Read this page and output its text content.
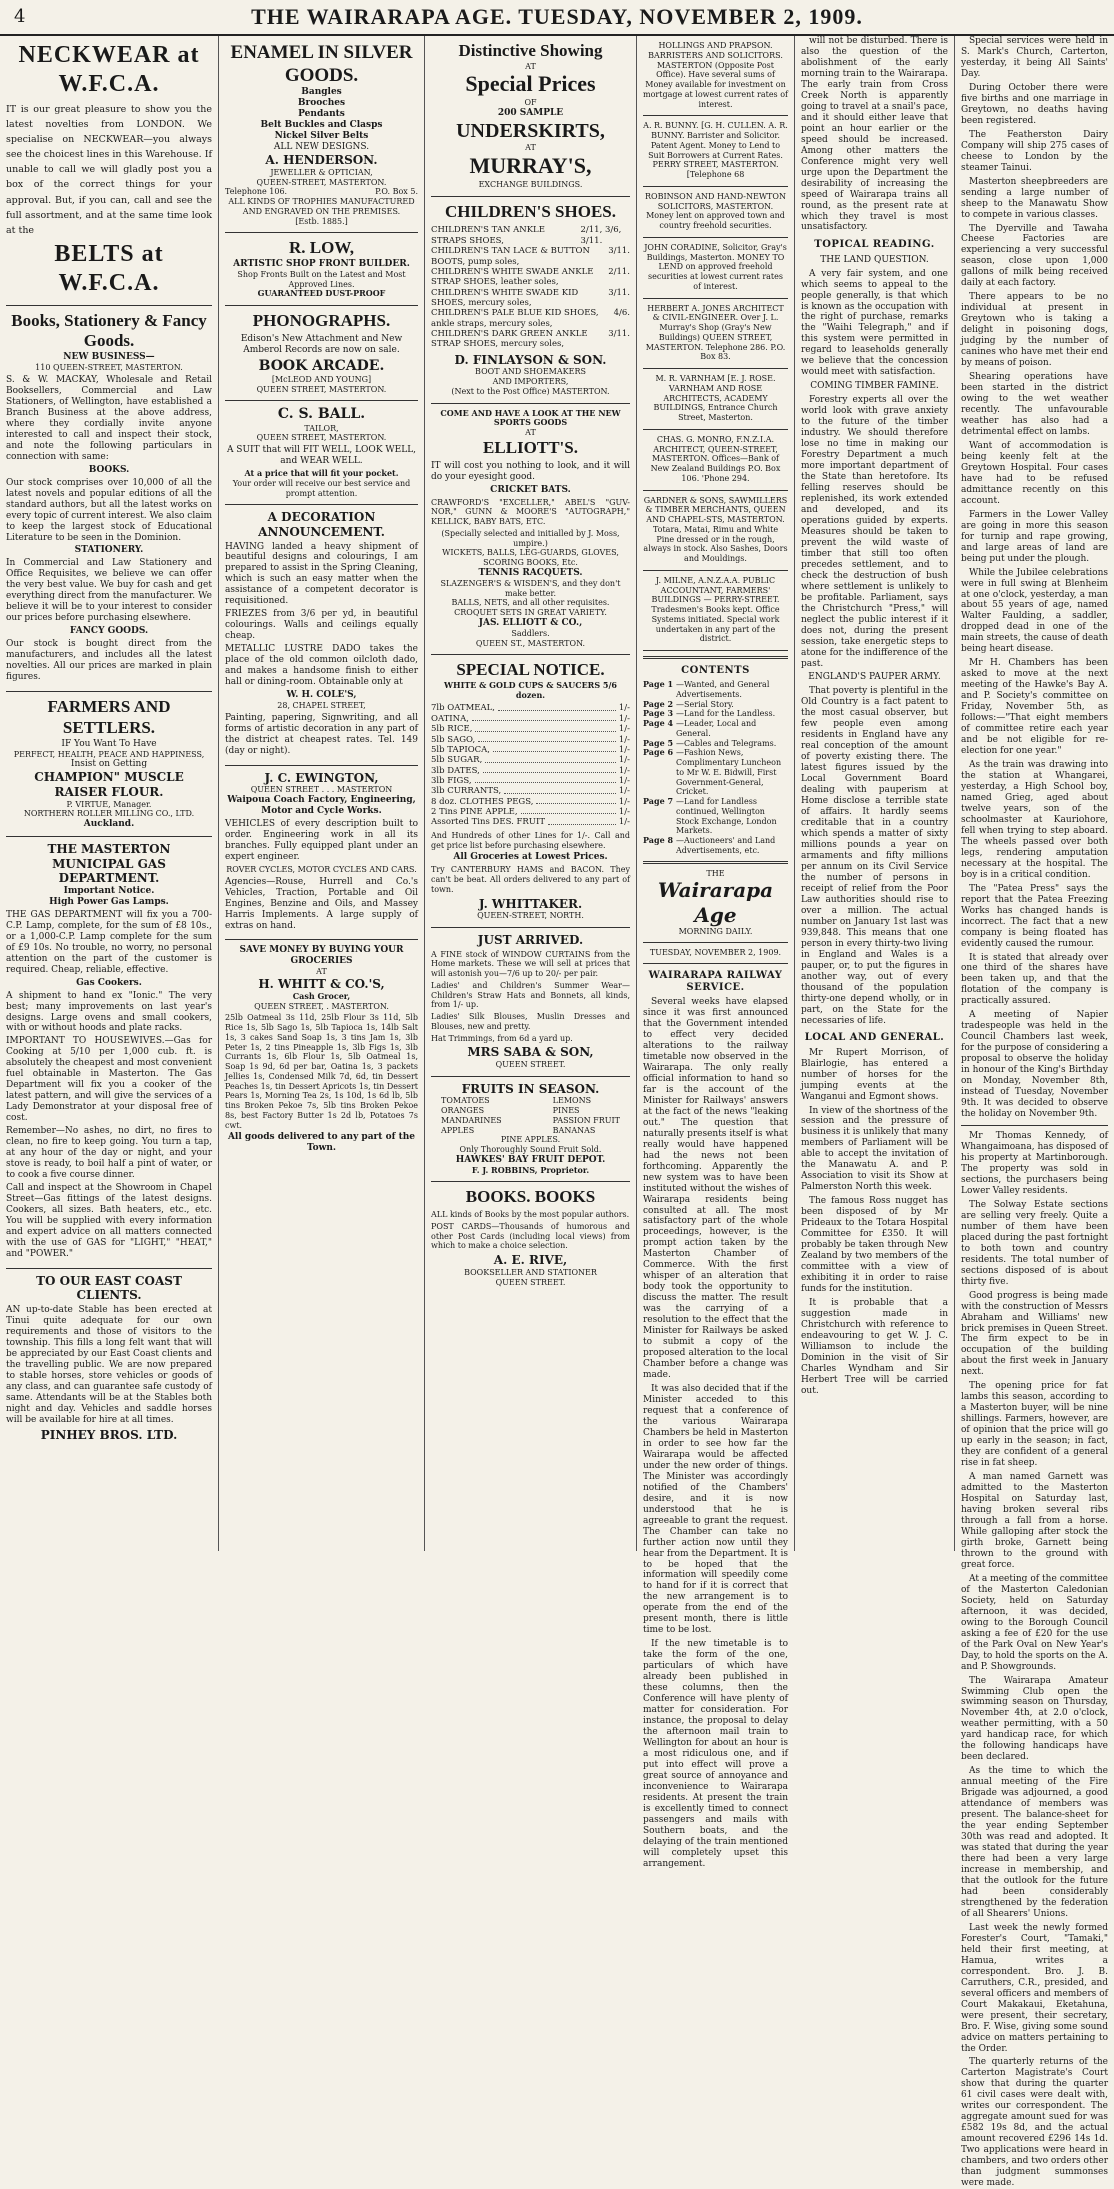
4	THE WAIRARAPA AGE. TUESDAY, NOVEMBER 2, 1909.
NECKWEAR at W.F.C.A.

IT is our great pleasure to show you the latest novelties from LONDON. We specialise on NECKWEAR—you always see the choicest lines in this Warehouse. If unable to call we will gladly post you a box of the correct things for your approval. But, if you can, call and see the full assortment, and at the same time look at the

BELTS at W.F.C.A.
Books, Stationery & Fancy Goods.
NEW BUSINESS—
110 QUEEN-STREET, MASTERTON.

S. & W. MACKAY, Wholesale and Retail Booksellers, Commercial and Law Stationers, of Wellington, have established a Branch Business at the above address, where they cordially invite anyone interested to call and inspect their stock, and note the following particulars in connection with same:

BOOKS.

Our stock comprises over 10,000 of all the latest novels and popular editions of all the standard authors, but all the latest works on every topic of current interest. We also claim to keep the largest stock of Educational Literature to be seen in the Dominion.

STATIONERY.

In Commercial and Law Stationery and Office Requisites, we believe we can offer the very best value. We buy for cash and get everything direct from the manufacturer. We believe it will be to your interest to consider our prices before purchasing elsewhere.

FANCY GOODS.

Our stock is bought direct from the manufacturers, and includes all the latest novelties. All our prices are marked in plain figures.

FARMERS AND SETTLERS.
IF You Want To Have
PERFECT, HEALTH, PEACE AND HAPPINESS,
Insist on Getting
CHAMPION" MUSCLE RAISER FLOUR.
P. VIRTUE, Manager.
NORTHERN ROLLER MILLING CO., LTD.
Auckland.
THE MASTERTON MUNICIPAL GAS DEPARTMENT.
Important Notice.
High Power Gas Lamps.

THE GAS DEPARTMENT will fix you a 700-C.P. Lamp, complete, for the sum of £8 10s., or a 1,000-C.P. Lamp complete for the sum of £9 10s. No trouble, no worry, no personal attention on the part of the customer is required. Cheap, reliable, effective.

Gas Cookers.

A shipment to hand ex "Ionic." The very best; many improvements on last year's designs. Large ovens and small cookers, with or without hoods and plate racks.

IMPORTANT TO HOUSEWIVES.—Gas for Cooking at 5/10 per 1,000 cub. ft. is absolutely the cheapest and most convenient fuel obtainable in Masterton. The Gas Department will fix you a cooker of the latest pattern, and will give the services of a Lady Demonstrator at your disposal free of cost.

Remember—No ashes, no dirt, no fires to clean, no fire to keep going. You turn a tap, at any hour of the day or night, and your stove is ready, to boil half a pint of water, or to cook a five course dinner.

Call and inspect at the Showroom in Chapel Street—Gas fittings of the latest designs. Cookers, all sizes. Bath heaters, etc., etc. You will be supplied with every information and expert advice on all matters connected with the use of GAS for "LIGHT," "HEAT," and "POWER."

TO OUR EAST COAST CLIENTS.

AN up-to-date Stable has been erected at Tinui quite adequate for our own requirements and those of visitors to the township. This fills a long felt want that will be appreciated by our East Coast clients and the travelling public. We are now prepared to stable horses, store vehicles or goods of any class, and can guarantee safe custody of same. Attendants will be at the Stables both night and day. Vehicles and saddle horses will be available for hire at all times.

PINHEY BROS. LTD.
ENAMEL IN SILVER GOODS.
Bangles
Brooches
Pendants
Belt Buckles and Clasps
Nickel Silver Belts
ALL NEW DESIGNS.
A. HENDERSON.
JEWELLER & OPTICIAN,
QUEEN-STREET, MASTERTON.
Telephone 106.	P.O. Box 5.
ALL KINDS OF TROPHIES MANUFACTURED AND ENGRAVED ON THE PREMISES.
[Estb. 1885.]
R. LOW,
ARTISTIC SHOP FRONT BUILDER.
Shop Fronts Built on the Latest and Most Approved Lines.
GUARANTEED DUST-PROOF
PHONOGRAPHS.

Edison's New Attachment and New Amberol Records are now on sale.

BOOK ARCADE.
[McLEOD AND YOUNG]
QUEEN STREET, MASTERTON.
C. S. BALL.
TAILOR,
QUEEN STREET, MASTERTON.

A SUIT that will FIT WELL, LOOK WELL, and WEAR WELL.

At a price that will fit your pocket.
Your order will receive our best service and prompt attention.
A DECORATION ANNOUNCEMENT.

HAVING landed a heavy shipment of beautiful designs and colourings, I am prepared to assist in the Spring Cleaning, which is such an easy matter when the assistance of a competent decorator is requisitioned.

FRIEZES from 3/6 per yd, in beautiful colourings. Walls and ceilings equally cheap.

METALLIC LUSTRE DADO takes the place of the old common oilcloth dado, and makes a handsome finish to either hall or dining-room. Obtainable only at

W. H. COLE'S,
28, CHAPEL STREET,

Painting, papering, Signwriting, and all forms of artistic decoration in any part of the district at cheapest rates. Tel. 149 (day or night).

J. C. EWINGTON,
QUEEN STREET . . . MASTERTON
Waipoua Coach Factory, Engineering, Motor and Cycle Works.

VEHICLES of every description built to order. Engineering work in all its branches. Fully equipped plant under an expert engineer.

ROVER CYCLES, MOTOR CYCLES AND CARS.

Agencies—Rouse, Hurrell and Co.'s Vehicles, Traction, Portable and Oil Engines, Benzine and Oils, and Massey Harris Implements. A large supply of extras on hand.

SAVE MONEY BY BUYING YOUR GROCERIES
AT
H. WHITT & CO.'S,
Cash Grocer,
QUEEN STREET, . MASTERTON.

25lb Oatmeal 3s 11d, 25lb Flour 3s 11d, 5lb Rice 1s, 5lb Sago 1s, 5lb Tapioca 1s, 14lb Salt 1s, 3 cakes Sand Soap 1s, 3 tins Jam 1s, 3lb Peter 1s, 2 tins Pineapple 1s, 3lb Figs 1s, 3lb Currants 1s, 6lb Flour 1s, 5lb Oatmeal 1s, Soap 1s 9d, 6d per bar, Oatina 1s, 3 packets Jellies 1s, Condensed Milk 7d, 6d, tin Dessert Peaches 1s, tin Dessert Apricots 1s, tin Dessert Pears 1s, Morning Tea 2s, 1s 10d, 1s 6d lb, 5lb tins Broken Pekoe 7s, 5lb tins Broken Pekoe 8s, best Factory Butter 1s 2d lb, Potatoes 7s cwt.

All goods delivered to any part of the Town.
Distinctive Showing
AT
Special Prices
OF
200 SAMPLE
UNDERSKIRTS,
AT
MURRAY'S,
EXCHANGE BUILDINGS.
CHILDREN'S SHOES.
CHILDREN'S TAN ANKLE STRAPS SHOES,
2/11, 3/6, 3/11.
CHILDREN'S TAN LACE & BUTTON BOOTS, pump soles,
3/11.
CHILDREN'S WHITE SWADE ANKLE STRAP SHOES, leather soles,
2/11.
CHILDREN'S WHITE SWADE KID SHOES, mercury soles,
3/11.
CHILDREN'S PALE BLUE KID SHOES, ankle straps, mercury soles,
4/6.
CHILDREN'S DARK GREEN ANKLE STRAP SHOES, mercury soles,
3/11.
D. FINLAYSON & SON.
BOOT AND SHOEMAKERS
AND IMPORTERS,
(Next to the Post Office) MASTERTON.
COME AND HAVE A LOOK AT THE NEW SPORTS GOODS
AT
ELLIOTT'S.

IT will cost you nothing to look, and it will do your eyesight good.

CRICKET BATS.

CRAWFORD'S "EXCELLER," ABEL'S "GUV-NOR," GUNN & MOORE'S "AUTOGRAPH," KELLICK, BABY BATS, ETC.

(Specially selected and initialled by J. Moss, umpire.)
WICKETS, BALLS, LEG-GUARDS, GLOVES, SCORING BOOKS, Etc.
TENNIS RACQUETS.
SLAZENGER'S & WISDEN'S, and they don't make better.
BALLS, NETS, and all other requisites.
CROQUET SETS IN GREAT VARIETY.
JAS. ELLIOTT & CO.,
Saddlers.
QUEEN ST., MASTERTON.
SPECIAL NOTICE.
WHITE & GOLD CUPS & SAUCERS 5/6 dozen.
7lb OATMEAL,	1/-
OATINA,	1/-
5lb RICE,	1/-
5lb SAGO,	1/-
5lb TAPIOCA,	1/-
5lb SUGAR,	1/-
3lb DATES,	1/-
3lb FIGS,	1/-
3lb CURRANTS,	1/-
8 doz. CLOTHES PEGS,	1/-
2 Tins PINE APPLE,	1/-
Assorted Tins DES. FRUIT	1/-

And Hundreds of other Lines for 1/-. Call and get price list before purchasing elsewhere.

All Groceries at Lowest Prices.

Try CANTERBURY HAMS and BACON. They can't be beat. All orders delivered to any part of town.

J. WHITTAKER.
QUEEN-STREET, NORTH.
JUST ARRIVED.

A FINE stock of WINDOW CURTAINS from the Home markets. These we will sell at prices that will astonish you—7/6 up to 20/- per pair.

Ladies' and Children's Summer Wear—Children's Straw Hats and Bonnets, all kinds, from 1/- up.

Ladies' Silk Blouses, Muslin Dresses and Blouses, new and pretty.

Hat Trimmings, from 6d a yard up.

MRS SABA & SON,
QUEEN STREET.
FRUITS IN SEASON.
TOMATOES
ORANGES
MANDARINES
APPLES
LEMONS
PINES
PASSION FRUIT
BANANAS
PINE APPLES.
Only Thoroughly Sound Fruit Sold.
HAWKES' BAY FRUIT DEPOT.
F. J. ROBBINS, Proprietor.
BOOKS. BOOKS

ALL kinds of Books by the most popular authors.

POST CARDS—Thousands of humorous and other Post Cards (including local views) from which to make a choice selection.

A. E. RIVE,
BOOKSELLER AND STATIONER
QUEEN STREET.
HOLLINGS AND PRAPSON. BARRISTERS AND SOLICITORS. MASTERTON (Opposite Post Office). Have several sums of Money available for investment on mortgage at lowest current rates of interest.
A. R. BUNNY. [G. H. CULLEN. A. R. BUNNY. Barrister and Solicitor. Patent Agent. Money to Lend to Suit Borrowers at Current Rates. PERRY STREET, MASTERTON. [Telephone 68
ROBINSON AND HAND-NEWTON SOLICITORS, MASTERTON. Money lent on approved town and country freehold securities.
JOHN CORADINE, Solicitor, Gray's Buildings, Masterton. MONEY TO LEND on approved freehold securities at lowest current rates of interest.
HERBERT A. JONES ARCHITECT & CIVIL-ENGINEER. Over J. L. Murray's Shop (Gray's New Buildings) QUEEN STREET, MASTERTON. Telephone 286. P.O. Box 83.
M. R. VARNHAM [E. J. ROSE. VARNHAM AND ROSE ARCHITECTS, ACADEMY BUILDINGS, Entrance Church Street, Masterton.
CHAS. G. MONRO, F.N.Z.I.A. ARCHITECT, QUEEN-STREET, MASTERTON. Offices—Bank of New Zealand Buildings P.O. Box 106. 'Phone 294.
GARDNER & SONS, SAWMILLERS & TIMBER MERCHANTS, QUEEN AND CHAPEL-STS, MASTERTON. Totara, Matai, Rimu and White Pine dressed or in the rough, always in stock. Also Sashes, Doors and Mouldings.
J. MILNE, A.N.Z.A.A. PUBLIC ACCOUNTANT, FARMERS' BUILDINGS — PERRY-STREET. Tradesmen's Books kept. Office Systems initiated. Special work undertaken in any part of the district.
CONTENTS
Page 1 —Wanted, and General Advertisements.
Page 2 —Serial Story.
Page 3 —Land for the Landless.
Page 4 —Leader, Local and General.
Page 5 —Cables and Telegrams.
Page 6 —Fashion News, Complimentary Luncheon to Mr W. E. Bidwill, First Government-General, Cricket.
Page 7 —Land for Landless continued, Wellington Stock Exchange, London Markets.
Page 8 —Auctioneers' and Land Advertisements, etc.
THE
Wairarapa Age
MORNING DAILY.
TUESDAY, NOVEMBER 2, 1909.
WAIRARAPA RAILWAY SERVICE.

Several weeks have elapsed since it was first announced that the Government intended to effect very decided alterations to the railway timetable now observed in the Wairarapa. The only really official information to hand so far is the account of the Minister for Railways' answers at the fact of the news "leaking out." The question that naturally presents itself is what really would have happened had the news not been forthcoming. Apparently the new system was to have been instituted without the wishes of Wairarapa residents being consulted at all. The most satisfactory part of the whole proceedings, however, is the prompt action taken by the Masterton Chamber of Commerce. With the first whisper of an alteration that body took the opportunity to discuss the matter. The result was the carrying of a resolution to the effect that the Minister for Railways be asked to submit a copy of the proposed alteration to the local Chamber before a change was made.

It was also decided that if the Minister acceded to this request that a conference of the various Wairarapa Chambers be held in Masterton in order to see how far the Wairarapa would be affected under the new order of things. The Minister was accordingly notified of the Chambers' desire, and it is now understood that he is agreeable to grant the request. The Chamber can take no further action now until they hear from the Department. It is to be hoped that the information will speedily come to hand for if it is correct that the new arrangement is to operate from the end of the present month, there is little time to be lost.

If the new timetable is to take the form of the one, particulars of which have already been published in these columns, then the Conference will have plenty of matter for consideration. For instance, the proposal to delay the afternoon mail train to Wellington for about an hour is a most ridiculous one, and if put into effect will prove a great source of annoyance and inconvenience to Wairarapa residents. At present the train is excellently timed to connect passengers and mails with Southern boats, and the delaying of the train mentioned will completely upset this arrangement.

will not be disturbed. There is also the question of the abolishment of the early morning train to the Wairarapa. The early train from Cross Creek North is apparently going to travel at a snail's pace, and it should either leave that point an hour earlier or the speed should be increased. Among other matters the Conference might very well urge upon the Department the desirability of increasing the speed of Wairarapa trains all round, as the present rate at which they travel is most unsatisfactory.

TOPICAL READING.
THE LAND QUESTION.

A very fair system, and one which seems to appeal to the people generally, is that which is known as the occupation with the right of purchase, remarks the "Waihi Telegraph," and if this system were permitted in regard to leaseholds generally we believe that the concession would meet with satisfaction.

COMING TIMBER FAMINE.

Forestry experts all over the world look with grave anxiety to the future of the timber industry. We should therefore lose no time in making our Forestry Department a much more important department of the State than heretofore. Its felling reserves should be replenished, its work extended and developed, and its operations guided by experts. Measures should be taken to prevent the wild waste of timber that still too often precedes settlement, and to check the destruction of bush where settlement is unlikely to be profitable. Parliament, says the Christchurch "Press," will neglect the public interest if it does not, during the present session, take energetic steps to atone for the indifference of the past.

ENGLAND'S PAUPER ARMY.

That poverty is plentiful in the Old Country is a fact patent to the most casual observer, but few people even among residents in England have any real conception of the amount of poverty existing there. The latest figures issued by the Local Government Board dealing with pauperism at Home disclose a terrible state of affairs. It hardly seems creditable that in a country which spends a matter of sixty millions pounds a year on armaments and fifty millions per annum on its Civil Service the number of persons in receipt of relief from the Poor Law authorities should rise to over a million. The actual number on January 1st last was 939,848. This means that one person in every thirty-two living in England and Wales is a pauper, or, to put the figures in another way, out of every thousand of the population thirty-one depend wholly, or in part, on the State for the necessaries of life.

LOCAL AND GENERAL.

Mr Rupert Morrison, of Blairlogie, has entered a number of horses for the jumping events at the Wanganui and Egmont shows.

In view of the shortness of the session and the pressure of business it is unlikely that many members of Parliament will be able to accept the invitation of the Manawatu A. and P. Association to visit its Show at Palmerston North this week.

The famous Ross nugget has been disposed of by Mr Prideaux to the Totara Hospital Committee for £350. It will probably be taken through New Zealand by two members of the committee with a view of exhibiting it in order to raise funds for the institution.

It is probable that a suggestion made in Christchurch with reference to endeavouring to get W. J. C. Williamson to include the Dominion in the visit of Sir Charles Wyndham and Sir Herbert Tree will be carried out.

Special services were held in S. Mark's Church, Carterton, yesterday, it being All Saints' Day.

During October there were five births and one marriage in Greytown, no deaths having been registered.

The Featherston Dairy Company will ship 275 cases of cheese to London by the steamer Tainui.

Masterton sheepbreeders are sending a large number of sheep to the Manawatu Show to compete in various classes.

The Dyerville and Tawaha Cheese Factories are experiencing a very successful season, close upon 1,000 gallons of milk being received daily at each factory.

There appears to be no individual at present in Greytown who is taking a delight in poisoning dogs, judging by the number of canines who have met their end by means of poison.

Shearing operations have been started in the district owing to the wet weather recently. The unfavourable weather has also had a detrimental effect on lambs.

Want of accommodation is being keenly felt at the Greytown Hospital. Four cases have had to be refused admittance recently on this account.

Farmers in the Lower Valley are going in more this season for turnip and rape growing, and large areas of land are being put under the plough.

While the Jubilee celebrations were in full swing at Blenheim at one o'clock, yesterday, a man about 55 years of age, named Walter Faulding, a saddler, dropped dead in one of the main streets, the cause of death being heart disease.

Mr H. Chambers has been asked to move at the next meeting of the Hawke's Bay A. and P. Society's committee on Friday, November 5th, as follows:—"That eight members of committee retire each year and be not eligible for re-election for one year."

As the train was drawing into the station at Whangarei, yesterday, a High School boy, named Grieg, aged about twelve years, son of the schoolmaster at Kauriohore, fell when trying to step aboard. The wheels passed over both legs, rendering amputation necessary at the hospital. The boy is in a critical condition.

The "Patea Press" says the report that the Patea Freezing Works has changed hands is incorrect. The fact that a new company is being floated has evidently caused the rumour.

It is stated that already over one third of the shares have been taken up, and that the flotation of the company is practically assured.

A meeting of Napier tradespeople was held in the Council Chambers last week, for the purpose of considering a proposal to observe the holiday in honour of the King's Birthday on Monday, November 8th, instead of Tuesday, November 9th. It was decided to observe the holiday on November 9th.

Mr Thomas Kennedy, of Whangaimoana, has disposed of his property at Martinborough. The property was sold in sections, the purchasers being Lower Valley residents.

The Solway Estate sections are selling very freely. Quite a number of them have been placed during the past fortnight to both town and country residents. The total number of sections disposed of is about thirty five.

Good progress is being made with the construction of Messrs Abraham and Williams' new brick premises in Queen Street. The firm expect to be in occupation of the building about the first week in January next.

The opening price for fat lambs this season, according to a Masterton buyer, will be nine shillings. Farmers, however, are of opinion that the price will go up early in the season; in fact, they are confident of a general rise in fat sheep.

A man named Garnett was admitted to the Masterton Hospital on Saturday last, having broken several ribs through a fall from a horse. While galloping after stock the girth broke, Garnett being thrown to the ground with great force.

At a meeting of the committee of the Masterton Caledonian Society, held on Saturday afternoon, it was decided, owing to the Borough Council asking a fee of £20 for the use of the Park Oval on New Year's Day, to hold the sports on the A. and P. Showgrounds.

The Wairarapa Amateur Swimming Club open the swimming season on Thursday, November 4th, at 2.0 o'clock, weather permitting, with a 50 yard handicap race, for which the following handicaps have been declared.

As the time to which the annual meeting of the Fire Brigade was adjourned, a good attendance of members was present. The balance-sheet for the year ending September 30th was read and adopted. It was stated that during the year there had been a very large increase in membership, and that the outlook for the future had been considerably strengthened by the federation of all Shearers' Unions.

Last week the newly formed Forester's Court, "Tamaki," held their first meeting, at Hamua, writes a correspondent. Bro. J. B. Carruthers, C.R., presided, and several officers and members of Court Makakaui, Eketahuna, were present, their secretary, Bro. F. Wise, giving some sound advice on matters pertaining to the Order.

The quarterly returns of the Carterton Magistrate's Court show that during the quarter 61 civil cases were dealt with, writes our correspondent. The aggregate amount sued for was £582 19s 8d, and the actual amount recovered £296 14s 1d. Two applications were heard in chambers, and two orders other than judgment summonses were made.
